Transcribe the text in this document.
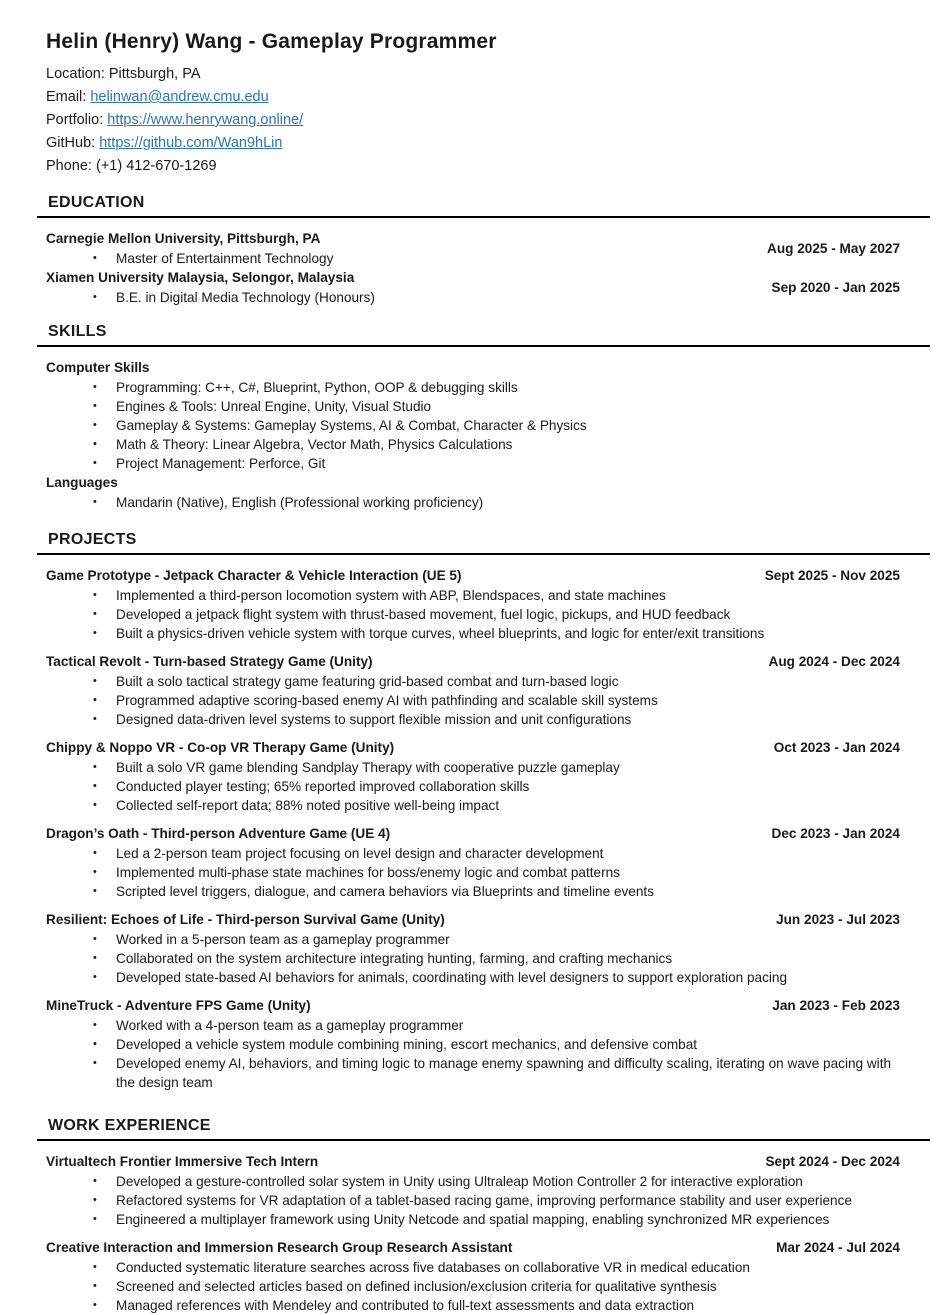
Helin (Henry) Wang - Gameplay Programmer
Location: Pittsburgh, PA
Email: helinwan@andrew.cmu.edu
Portfolio: https://www.henrywang.online/
GitHub: https://github.com/Wan9hLin
Phone: (+1) 412-670-1269
EDUCATION
Carnegie Mellon University, Pittsburgh, PA
Aug 2025 - May 2027
•	Master of Entertainment Technology
Xiamen University Malaysia, Selongor, Malaysia
Sep 2020 - Jan 2025
•	B.E. in Digital Media Technology (Honours)
SKILLS
Computer Skills
•	Programming: C++, C#, Blueprint, Python, OOP & debugging skills
•	Engines & Tools: Unreal Engine, Unity, Visual Studio
•	Gameplay & Systems: Gameplay Systems, AI & Combat, Character & Physics
•	Math & Theory: Linear Algebra, Vector Math, Physics Calculations
•	Project Management: Perforce, Git
Languages
•	Mandarin (Native), English (Professional working proficiency)
PROJECTS
Game Prototype - Jetpack Character & Vehicle Interaction (UE 5)	Sept 2025 - Nov 2025
•	Implemented a third-person locomotion system with ABP, Blendspaces, and state machines
•	Developed a jetpack flight system with thrust-based movement, fuel logic, pickups, and HUD feedback
•	Built a physics-driven vehicle system with torque curves, wheel blueprints, and logic for enter/exit transitions
Tactical Revolt - Turn-based Strategy Game (Unity)	Aug 2024 - Dec 2024
•	Built a solo tactical strategy game featuring grid-based combat and turn-based logic
•	Programmed adaptive scoring-based enemy AI with pathfinding and scalable skill systems
•	Designed data-driven level systems to support flexible mission and unit configurations
Chippy & Noppo VR - Co-op VR Therapy Game (Unity)	Oct 2023 - Jan 2024
•	Built a solo VR game blending Sandplay Therapy with cooperative puzzle gameplay
•	Conducted player testing; 65% reported improved collaboration skills
•	Collected self-report data; 88% noted positive well-being impact
Dragon’s Oath - Third-person Adventure Game (UE 4)	Dec 2023 - Jan 2024
•	Led a 2-person team project focusing on level design and character development
•	Implemented multi-phase state machines for boss/enemy logic and combat patterns
•	Scripted level triggers, dialogue, and camera behaviors via Blueprints and timeline events
Resilient: Echoes of Life - Third-person Survival Game (Unity)	Jun 2023 - Jul 2023
•	Worked in a 5-person team as a gameplay programmer
•	Collaborated on the system architecture integrating hunting, farming, and crafting mechanics
•	Developed state-based AI behaviors for animals, coordinating with level designers to support exploration pacing
MineTruck - Adventure FPS Game (Unity)	Jan 2023 - Feb 2023
•	Worked with a 4-person team as a gameplay programmer
•	Developed a vehicle system module combining mining, escort mechanics, and defensive combat
•	Developed enemy AI, behaviors, and timing logic to manage enemy spawning and difficulty scaling, iterating on wave pacing with the design team
WORK EXPERIENCE
Virtualtech Frontier Immersive Tech Intern	Sept 2024 - Dec 2024
•	Developed a gesture-controlled solar system in Unity using Ultraleap Motion Controller 2 for interactive exploration
•	Refactored systems for VR adaptation of a tablet-based racing game, improving performance stability and user experience
•	Engineered a multiplayer framework using Unity Netcode and spatial mapping, enabling synchronized MR experiences
Creative Interaction and Immersion Research Group Research Assistant	Mar 2024 - Jul 2024
•	Conducted systematic literature searches across five databases on collaborative VR in medical education
•	Screened and selected articles based on defined inclusion/exclusion criteria for qualitative synthesis
•	Managed references with Mendeley and contributed to full-text assessments and data extraction
